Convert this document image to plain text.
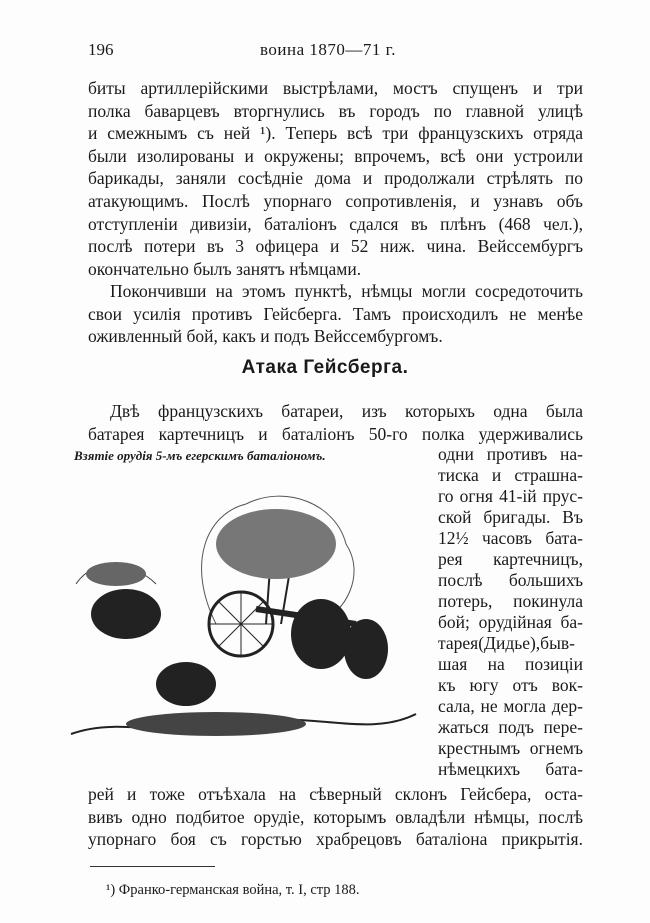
196	воина 1870—71 г.
Атака Гейсберга.
Взятіе орудія 5-мъ егерскимъ баталіономъ.
¹) Франко-германская война, т. I, стр 188.
биты артиллерійскими выстрѣлами, мостъ спущенъ и три
полка баварцевъ вторгнулись въ городъ по главной улицѣ
и смежнымъ съ ней ¹). Теперь всѣ три французскихъ отряда
были изолированы и окружены; впрочемъ, всѣ они устроили
барикады, заняли сосѣдніе дома и продолжали стрѣлять по
атакующимъ. Послѣ упорнаго сопротивленія, и узнавъ объ
отступленіи дивизіи, баталіонъ сдался въ плѣнъ (468 чел.),
послѣ потери въ 3 офицера и 52 ниж. чина. Вейссембургъ
окончательно былъ занятъ нѣмцами.
Покончивши на этомъ пунктѣ, нѣмцы могли сосредоточить
свои усилія противъ Гейсберга. Тамъ происходилъ не менѣе
оживленный бой, какъ и подъ Вейссембургомъ.
Двѣ французскихъ батареи, изъ которыхъ одна была
батарея картечницъ и баталіонъ 50-го полка удерживались
одни противъ на-
тиска и страшна-
го огня 41-ій прус-
ской бригады. Въ
12½ часовъ бата-
рея картечницъ,
послѣ большихъ
потерь, покинула
бой; орудійная ба-
тарея(Дидье),быв-
шая на позиціи
къ югу отъ вок-
сала, не могла дер-
жаться подъ пере-
крестнымъ огнемъ
нѣмецкихъ бата-
рей и тоже отъѣхала на сѣверный склонъ Гейсбера, оста-
вивъ одно подбитое орудіе, которымъ овладѣли нѣмцы, послѣ
упорнаго боя съ горстью храбрецовъ баталіона прикрытія.
